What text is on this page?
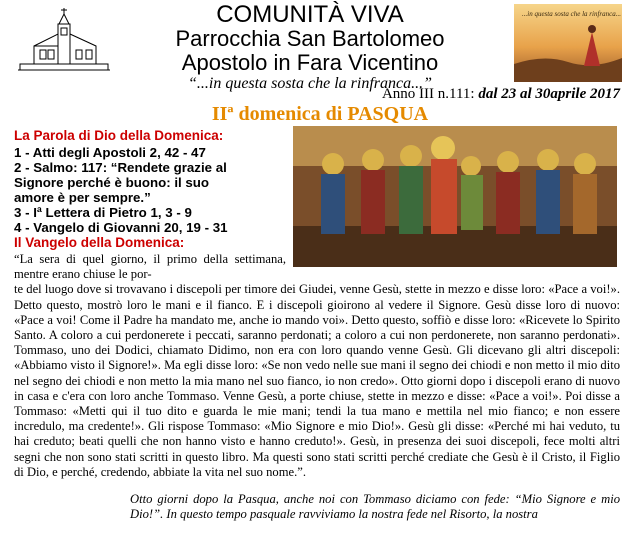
COMUNITÀ VIVA
Parrocchia San Bartolomeo
Apostolo in Fara Vicentino
“...in questa sosta che la rinfranca...”
...in questa sosta che la rinfranca...
Anno III n.111: dal 23 al 30aprile 2017
IIª domenica di PASQUA
La Parola di Dio della Domenica:
1 - Atti degli Apostoli 2, 42 - 47
2 - Salmo: 117: “Rendete grazie al
Signore perché è buono: il suo
amore è per sempre.”
3 - Iª Lettera di Pietro 1, 3 - 9
4 - Vangelo di Giovanni 20, 19 - 31
Il Vangelo della Domenica:
“La sera di quel giorno, il primo della settimana, mentre erano chiuse le por-
te del luogo dove si trovavano i discepoli per timore dei Giudei, venne Gesù, stette in mezzo e disse loro: «Pace a voi!». Detto questo, mostrò loro le mani e il fianco. E i discepoli gioirono al vedere il Signore. Gesù disse loro di nuovo: «Pace a voi! Come il Padre ha mandato me, anche io mando voi». Detto questo, soffiò e disse loro: «Ricevete lo Spirito Santo. A coloro a cui perdonerete i peccati, saranno perdonati; a coloro a cui non perdonerete, non saranno perdonati». Tommaso, uno dei Dodici, chiamato Didimo, non era con loro quando venne Gesù. Gli dicevano gli altri discepoli: «Abbiamo visto il Signore!». Ma egli disse loro: «Se non vedo nelle sue mani il segno dei chiodi e non metto il mio dito nel segno dei chiodi e non metto la mia mano nel suo fianco, io non credo». Otto giorni dopo i discepoli erano di nuovo in casa e c'era con loro anche Tommaso. Venne Gesù, a porte chiuse, stette in mezzo e disse: «Pace a voi!». Poi disse a Tommaso: «Metti qui il tuo dito e guarda le mie mani; tendi la tua mano e mettila nel mio fianco; e non essere incredulo, ma credente!». Gli rispose Tommaso: «Mio Signore e mio Dio!». Gesù gli disse: «Perché mi hai veduto, tu hai creduto; beati quelli che non hanno visto e hanno creduto!». Gesù, in presenza dei suoi discepoli, fece molti altri segni che non sono stati scritti in questo libro. Ma questi sono stati scritti perché crediate che Gesù è il Cristo, il Figlio di Dio, e perché, credendo, abbiate la vita nel suo nome.”.
Otto giorni dopo la Pasqua, anche noi con Tommaso diciamo con fede: “Mio Signore e mio Dio!”. In questo tempo pasquale ravviviamo la nostra fede nel Risorto, la nostra
